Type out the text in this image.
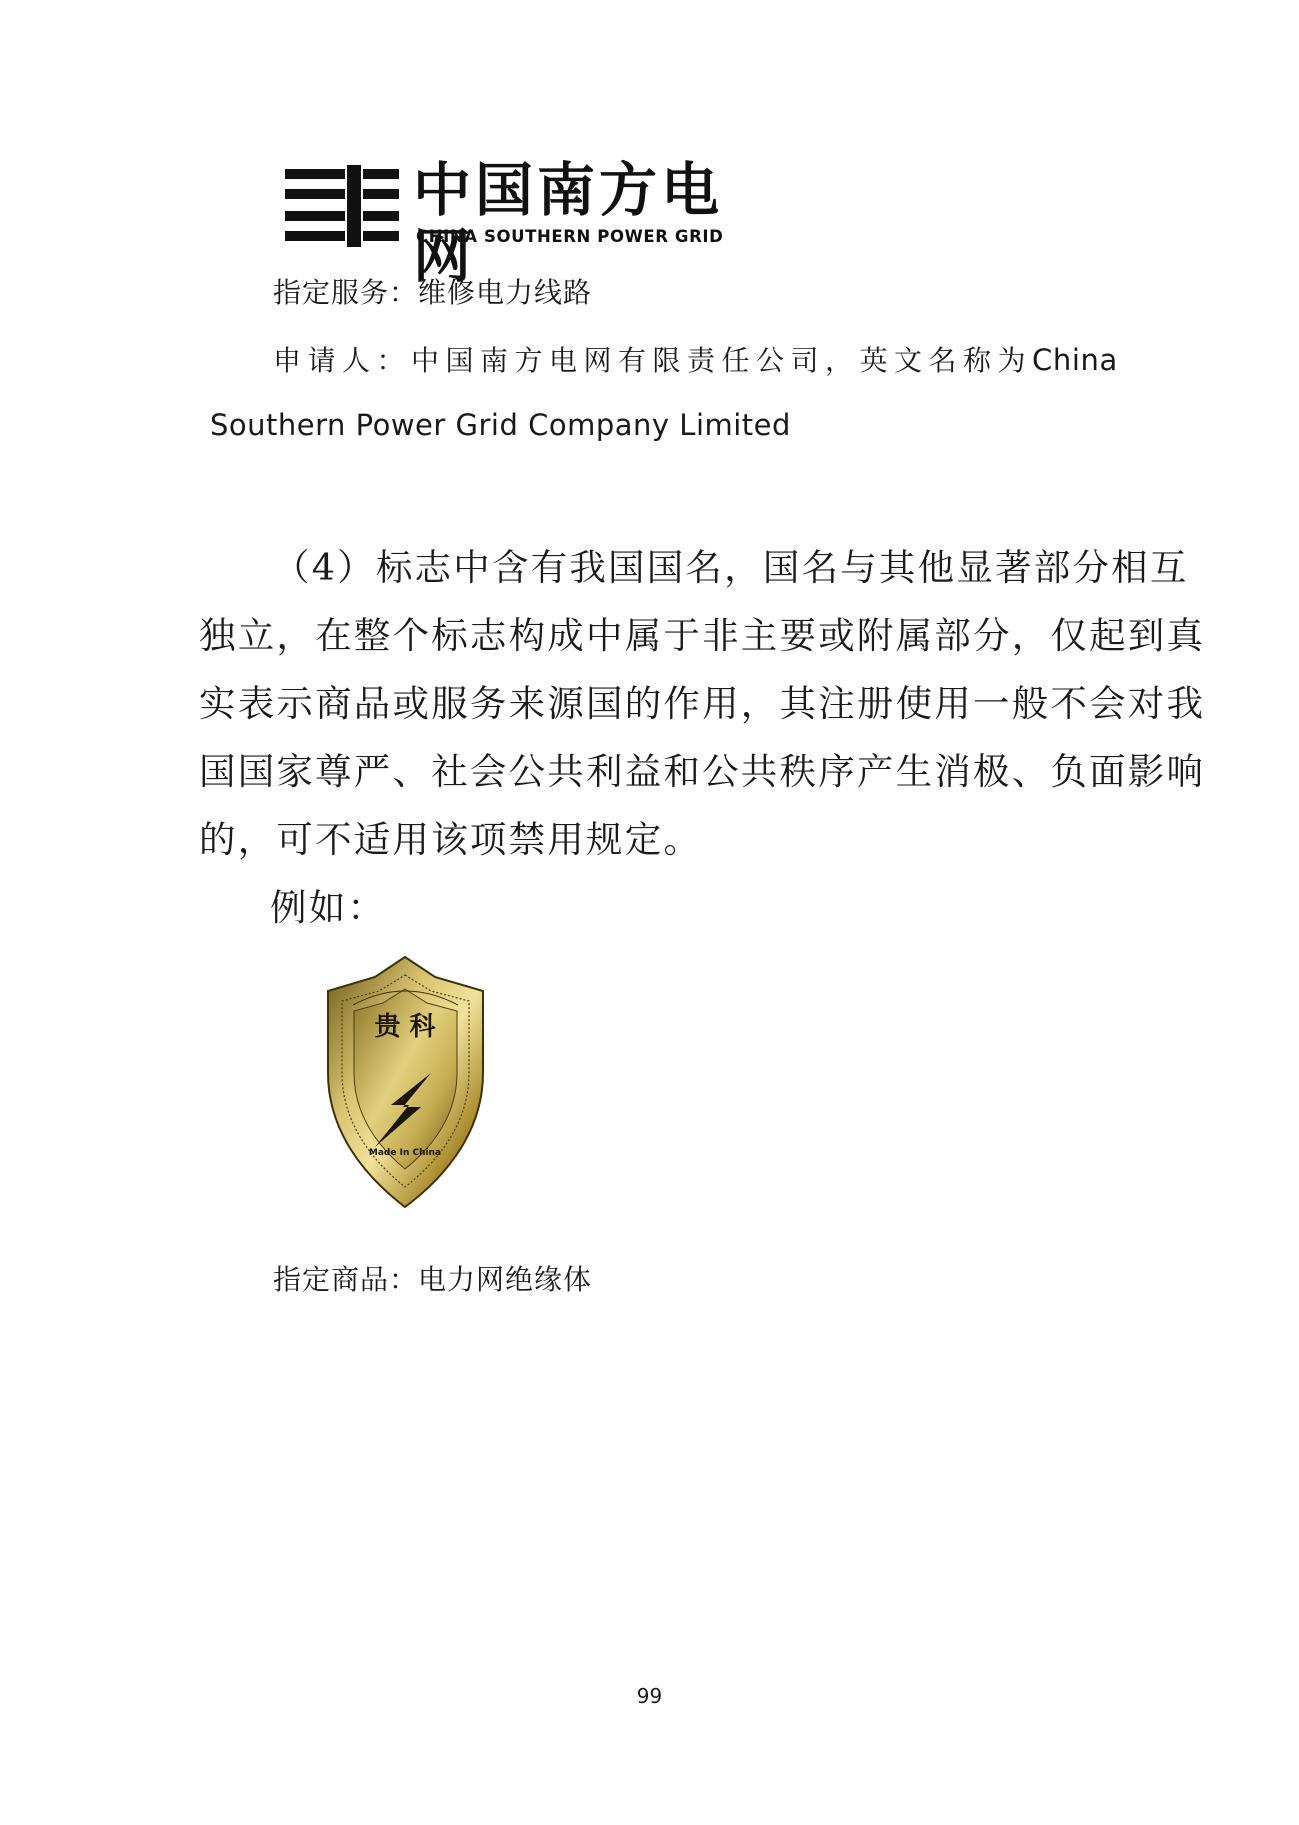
中国南方电网
CHINA SOUTHERN POWER GRID
指定服务：维修电力线路
申请人：中国南方电网有限责任公司，英文名称为China
Southern Power Grid Company Limited
（4）标志中含有我国国名，国名与其他显著部分相互
独立，在整个标志构成中属于非主要或附属部分，仅起到真
实表示商品或服务来源国的作用，其注册使用一般不会对我
国国家尊严、社会公共利益和公共秩序产生消极、负面影响
的，可不适用该项禁用规定。
例如：
贵 科
Made In China
指定商品：电力网绝缘体
99
